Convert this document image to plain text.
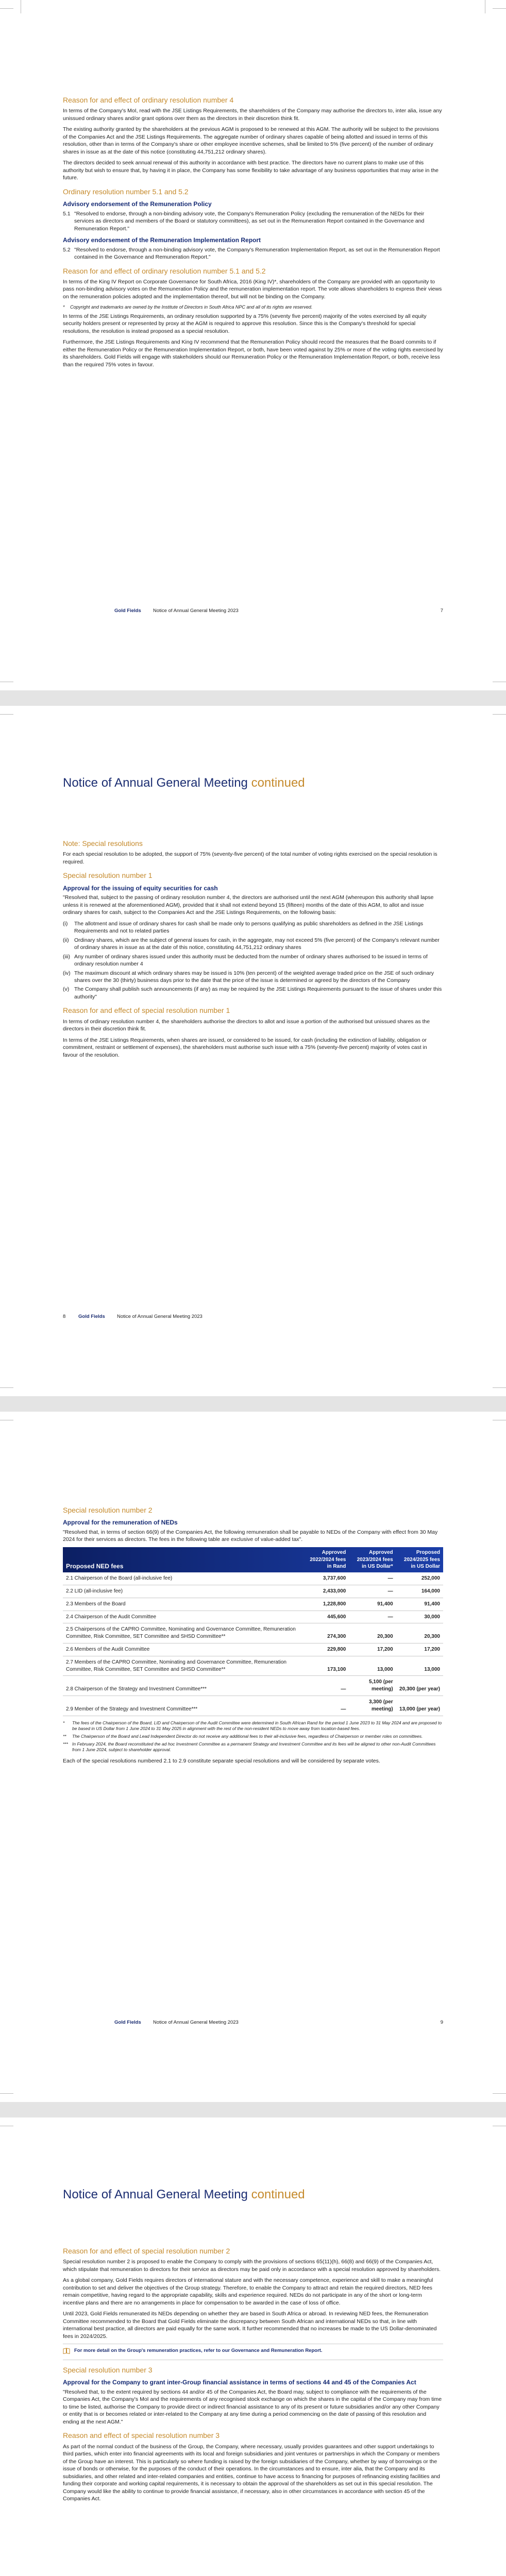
Reason for and effect of ordinary resolution number 4

In terms of the Company's MoI, read with the JSE Listings Requirements, the shareholders of the Company may authorise the directors to, inter alia, issue any unissued ordinary shares and/or grant options over them as the directors in their discretion think fit.

The existing authority granted by the shareholders at the previous AGM is proposed to be renewed at this AGM. The authority will be subject to the provisions of the Companies Act and the JSE Listings Requirements. The aggregate number of ordinary shares capable of being allotted and issued in terms of this resolution, other than in terms of the Company's share or other employee incentive schemes, shall be limited to 5% (five percent) of the number of ordinary shares in issue as at the date of this notice (constituting 44,751,212 ordinary shares).

The directors decided to seek annual renewal of this authority in accordance with best practice. The directors have no current plans to make use of this authority but wish to ensure that, by having it in place, the Company has some flexibility to take advantage of any business opportunities that may arise in the future.

Ordinary resolution number 5.1 and 5.2
Advisory endorsement of the Remuneration Policy
5.1 "Resolved to endorse, through a non-binding advisory vote, the Company's Remuneration Policy (excluding the remuneration of the NEDs for their services as directors and members of the Board or statutory committees), as set out in the Remuneration Report contained in the Governance and Remuneration Report."
Advisory endorsement of the Remuneration Implementation Report
5.2 "Resolved to endorse, through a non-binding advisory vote, the Company's Remuneration Implementation Report, as set out in the Remuneration Report contained in the Governance and Remuneration Report."
Reason for and effect of ordinary resolution number 5.1 and 5.2

In terms of the King IV Report on Corporate Governance for South Africa, 2016 (King IV)*, shareholders of the Company are provided with an opportunity to pass non-binding advisory votes on the Remuneration Policy and the remuneration implementation report. The vote allows shareholders to express their views on the remuneration policies adopted and the implementation thereof, but will not be binding on the Company.

*	Copyright and trademarks are owned by the Institute of Directors in South Africa NPC and all of its rights are reserved.

In terms of the JSE Listings Requirements, an ordinary resolution supported by a 75% (seventy five percent) majority of the votes exercised by all equity security holders present or represented by proxy at the AGM is required to approve this resolution. Since this is the Company's threshold for special resolutions, the resolution is instead proposed as a special resolution.

Furthermore, the JSE Listings Requirements and King IV recommend that the Remuneration Policy should record the measures that the Board commits to if either the Remuneration Policy or the Remuneration Implementation Report, or both, have been voted against by 25% or more of the voting rights exercised by its shareholders. Gold Fields will engage with stakeholders should our Remuneration Policy or the Remuneration Implementation Report, or both, receive less than the required 75% votes in favour.

Gold Fields Notice of Annual General Meeting 2023	7
Notice of Annual General Meeting continued
Note: Special resolutions

For each special resolution to be adopted, the support of 75% (seventy-five percent) of the total number of voting rights exercised on the special resolution is required.

Special resolution number 1
Approval for the issuing of equity securities for cash

"Resolved that, subject to the passing of ordinary resolution number 4, the directors are authorised until the next AGM (whereupon this authority shall lapse unless it is renewed at the aforementioned AGM), provided that it shall not extend beyond 15 (fifteen) months of the date of this AGM, to allot and issue ordinary shares for cash, subject to the Companies Act and the JSE Listings Requirements, on the following basis:

(i)	The allotment and issue of ordinary shares for cash shall be made only to persons qualifying as public shareholders as defined in the JSE Listings Requirements and not to related parties
(ii) Ordinary shares, which are the subject of general issues for cash, in the aggregate, may not exceed 5% (five percent) of the Company's relevant number of ordinary shares in issue as at the date of this notice, constituting 44,751,212 ordinary shares
(iii) Any number of ordinary shares issued under this authority must be deducted from the number of ordinary shares authorised to be issued in terms of ordinary resolution number 4
(iv) The maximum discount at which ordinary shares may be issued is 10% (ten percent) of the weighted average traded price on the JSE of such ordinary shares over the 30 (thirty) business days prior to the date that the price of the issue is determined or agreed by the directors of the Company
(v) The Company shall publish such announcements (if any) as may be required by the JSE Listings Requirements pursuant to the issue of shares under this authority"
Reason for and effect of special resolution number 1

In terms of ordinary resolution number 4, the shareholders authorise the directors to allot and issue a portion of the authorised but unissued shares as the directors in their discretion think fit.

In terms of the JSE Listings Requirements, when shares are issued, or considered to be issued, for cash (including the extinction of liability, obligation or commitment, restraint or settlement of expenses), the shareholders must authorise such issue with a 75% (seventy-five percent) majority of votes cast in favour of the resolution.

8	Gold Fields Notice of Annual General Meeting 2023
Special resolution number 2
Approval for the remuneration of NEDs

"Resolved that, in terms of section 66(9) of the Companies Act, the following remuneration shall be payable to NEDs of the Company with effect from 30 May 2024 for their services as directors. The fees in the following table are exclusive of value-added tax".

Proposed NED fees	Approved 2022/2024 fees in Rand	Approved 2023/2024 fees in US Dollar*	Proposed 2024/2025 fees in US Dollar
2.1 Chairperson of the Board (all-inclusive fee)	3,737,600	—	252,000
2.2 LID (all-inclusive fee)	2,433,000	—	164,000
2.3 Members of the Board	1,228,800	91,400	91,400
2.4 Chairperson of the Audit Committee	445,600	—	30,000
2.5 Chairpersons of the CAPRO Committee, Nominating and Governance Committee, Remuneration Committee, Risk Committee, SET Committee and SHSD Committee**	274,300	20,300	20,300
2.6 Members of the Audit Committee	229,800	17,200	17,200
2.7 Members of the CAPRO Committee, Nominating and Governance Committee, Remuneration Committee, Risk Committee, SET Committee and SHSD Committee**	173,100	13,000	13,000
2.8 Chairperson of the Strategy and Investment Committee***	—	5,100 (per meeting)	20,300 (per year)
2.9 Member of the Strategy and Investment Committee***	—	3,300 (per meeting)	13,000 (per year)
*	The fees of the Chairperson of the Board, LID and Chairperson of the Audit Committee were determined in South African Rand for the period 1 June 2023 to 31 May 2024 and are proposed to be based in US Dollar from 1 June 2024 to 31 May 2025 in alignment with the rest of the non-resident NEDs to move away from location-based fees.
**	The Chairperson of the Board and Lead Independent Director do not receive any additional fees to their all-inclusive fees, regardless of Chairperson or member roles on committees.
*** In February 2024, the Board reconstituted the ad hoc Investment Committee as a permanent Strategy and Investment Committee and its fees will be aligned to other non-Audit Committees from 1 June 2024, subject to shareholder approval.

Each of the special resolutions numbered 2.1 to 2.9 constitute separate special resolutions and will be considered by separate votes.

Gold Fields Notice of Annual General Meeting 2023	9
Notice of Annual General Meeting continued
Reason for and effect of special resolution number 2

Special resolution number 2 is proposed to enable the Company to comply with the provisions of sections 65(11)(h), 66(8) and 66(9) of the Companies Act, which stipulate that remuneration to directors for their service as directors may be paid only in accordance with a special resolution approved by shareholders.

As a global company, Gold Fields requires directors of international stature and with the necessary competence, experience and skill to make a meaningful contribution to set and deliver the objectives of the Group strategy. Therefore, to enable the Company to attract and retain the required directors, NED fees remain competitive, having regard to the appropriate capability, skills and experience required. NEDs do not participate in any of the short or long-term incentive plans and there are no arrangements in place for compensation to be awarded in the case of loss of office.

Until 2023, Gold Fields remunerated its NEDs depending on whether they are based in South Africa or abroad. In reviewing NED fees, the Remuneration Committee recommended to the Board that Gold Fields eliminate the discrepancy between South African and international NEDs so that, in line with international best practice, all directors are paid equally for the same work. It further recommended that no increases be made to the US Dollar-denominated fees in 2024/2025.

For more detail on the Group's remuneration practices, refer to our Governance and Remuneration Report.
Special resolution number 3
Approval for the Company to grant inter-Group financial assistance in terms of sections 44 and 45 of the Companies Act

"Resolved that, to the extent required by sections 44 and/or 45 of the Companies Act, the Board may, subject to compliance with the requirements of the Companies Act, the Company's MoI and the requirements of any recognised stock exchange on which the shares in the capital of the Company may from time to time be listed, authorise the Company to provide direct or indirect financial assistance to any of its present or future subsidiaries and/or any other Company or entity that is or becomes related or inter-related to the Company at any time during a period commencing on the date of passing of this resolution and ending at the next AGM."

Reason and effect of special resolution number 3

As part of the normal conduct of the business of the Group, the Company, where necessary, usually provides guarantees and other support undertakings to third parties, which enter into financial agreements with its local and foreign subsidiaries and joint ventures or partnerships in which the Company or members of the Group have an interest. This is particularly so where funding is raised by the foreign subsidiaries of the Company, whether by way of borrowings or the issue of bonds or otherwise, for the purposes of the conduct of their operations. In the circumstances and to ensure, inter alia, that the Company and its subsidiaries, and other related and inter-related companies and entities, continue to have access to financing for purposes of refinancing existing facilities and funding their corporate and working capital requirements, it is necessary to obtain the approval of the shareholders as set out in this special resolution. The Company would like the ability to continue to provide financial assistance, if necessary, also in other circumstances in accordance with section 45 of the Companies Act.
